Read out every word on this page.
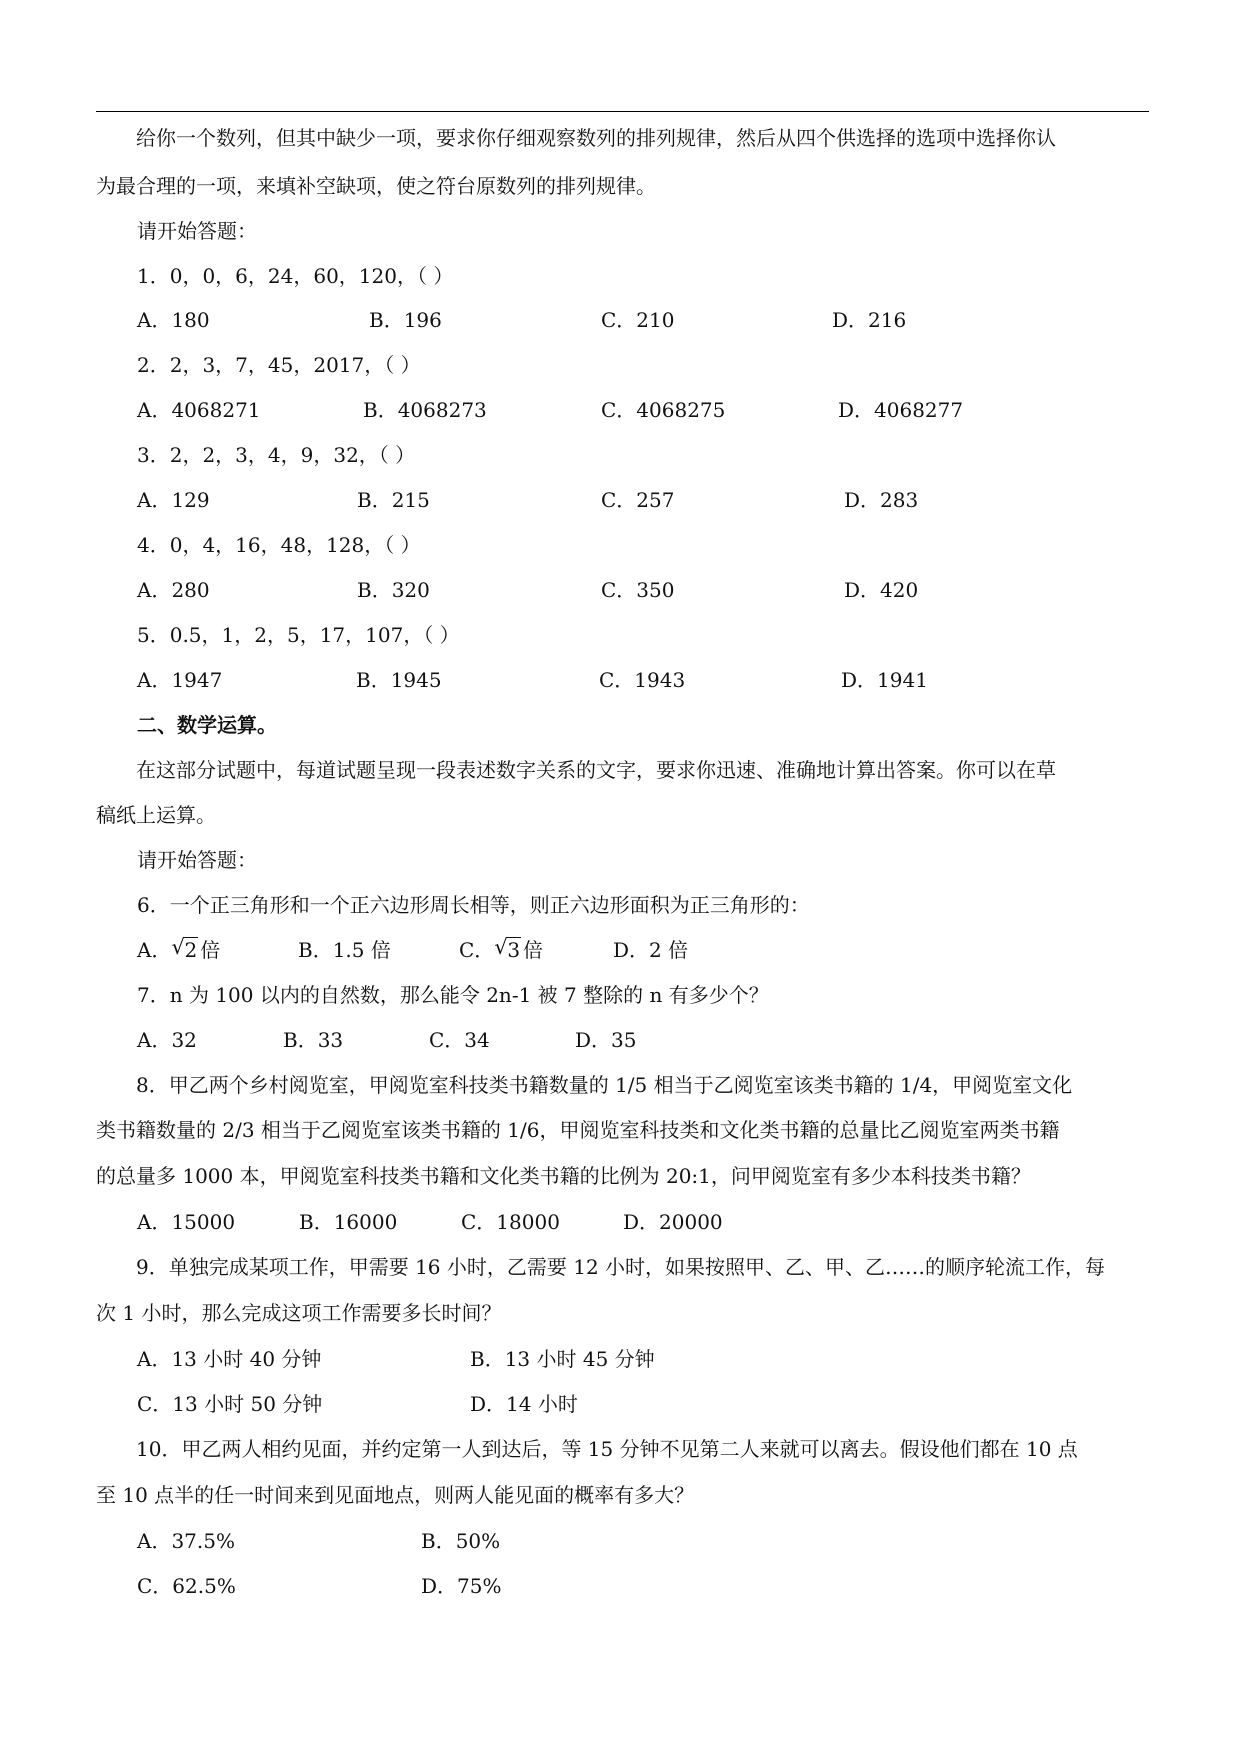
给你一个数列，但其中缺少一项，要求你仔细观察数列的排列规律，然后从四个供选择的选项中选择你认
为最合理的一项，来填补空缺项，使之符台原数列的排列规律。
请开始答题：
1．0，0，6，24，60，120，（ ）
A．180	B．196	C．210	D．216
2．2，3，7，45，2017，（ ）
A．4068271	B．4068273	C．4068275	D．4068277
3．2，2，3，4，9，32，（ ）
A．129	B．215	C．257	D．283
4．0，4，16，48，128，（ ）
A．280	B．320	C．350	D．420
5．0.5，1，2，5，17，107，（ ）
A．1947	B．1945	C．1943	D．1941
二、数学运算。
在这部分试题中，每道试题呈现一段表述数字关系的文字，要求你迅速、准确地计算出答案。你可以在草
稿纸上运算。
请开始答题：
6．一个正三角形和一个正六边形周长相等，则正六边形面积为正三角形的：
A． √ 2 倍	B．1.5 倍	C． √ 3 倍	D．2 倍
7．n 为 100 以内的自然数，那么能令 2n-1 被 7 整除的 n 有多少个？
A．32	B．33	C．34	D．35
8．甲乙两个乡村阅览室，甲阅览室科技类书籍数量的 1/5 相当于乙阅览室该类书籍的 1/4，甲阅览室文化
类书籍数量的 2/3 相当于乙阅览室该类书籍的 1/6，甲阅览室科技类和文化类书籍的总量比乙阅览室两类书籍
的总量多 1000 本，甲阅览室科技类书籍和文化类书籍的比例为 20:1，问甲阅览室有多少本科技类书籍？
A．15000	B．16000	C．18000	D．20000
9．单独完成某项工作，甲需要 16 小时，乙需要 12 小时，如果按照甲、乙、甲、乙……的顺序轮流工作，每
次 1 小时，那么完成这项工作需要多长时间？
A．13 小时 40 分钟	B．13 小时 45 分钟
C．13 小时 50 分钟	D．14 小时
10．甲乙两人相约见面，并约定第一人到达后，等 15 分钟不见第二人来就可以离去。假设他们都在 10 点
至 10 点半的任一时间来到见面地点，则两人能见面的概率有多大？
A．37.5%	B．50%
C．62.5%	D．75%
